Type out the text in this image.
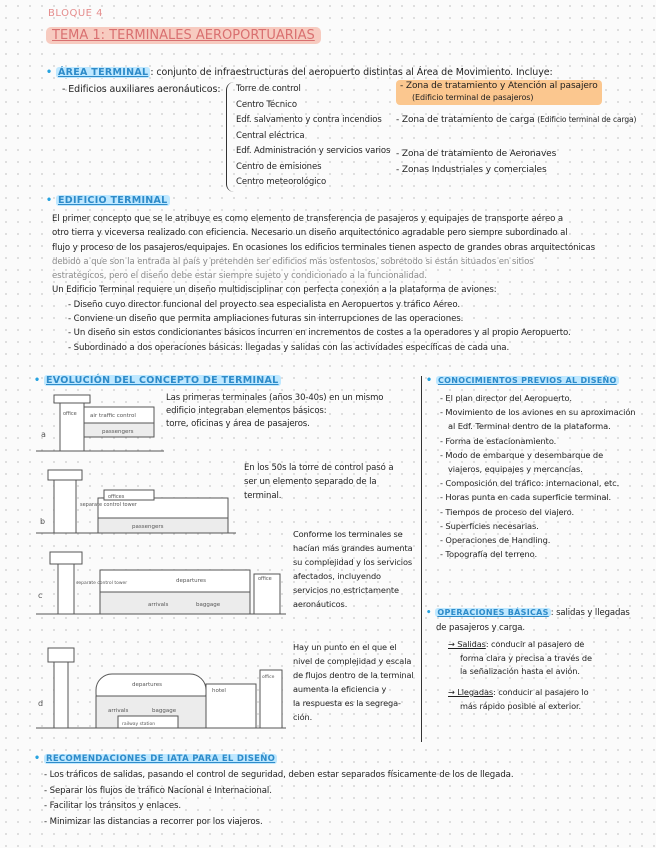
BLOQUE 4
TEMA 1: TERMINALES AEROPORTUARIAS
• ÁREA TERMINAL : conjunto de infraestructuras del aeropuerto distintas al Área de Movimiento. Incluye:
- Edificios auxiliares aeronáuticos: Torre de control
Centro Técnico
Edf. salvamento y contra incendios
Central eléctrica
Edf. Administración y servicios varios
Centro de emisiones
Centro meteorológico
- Zona de tratamiento y Atención al pasajero
(Edificio terminal de pasajeros)
- Zona de tratamiento de carga (Edificio terminal de carga)
- Zona de tratamiento de Aeronaves
- Zonas Industriales y comerciales
• EDIFICIO TERMINAL
El primer concepto que se le atribuye es como elemento de transferencia de pasajeros y equipajes de transporte aéreo a
otro tierra y viceversa realizado con eficiencia. Necesario un diseño arquitectónico agradable pero siempre subordinado al
flujo y proceso de los pasajeros/equipajes. En ocasiones los edificios terminales tienen aspecto de grandes obras arquitectónicas
debido a que son la entrada al país y pretenden ser edificios más ostentosos, sobretodo si están situados en sitios
estratégicos, pero el diseño debe estar siempre sujeto y condicionado a la funcionalidad.
Un Edificio Terminal requiere un diseño multidisciplinar con perfecta conexión a la plataforma de aviones:
- Diseño cuyo director funcional del proyecto sea especialista en Aeropuertos y tráfico Aéreo.
- Conviene un diseño que permita ampliaciones futuras sin interrupciones de las operaciones.
- Un diseño sin estos condicionantes básicos incurren en incrementos de costes a la operadores y al propio Aeropuerto.
- Subordinado a dos operaciones básicas: llegadas y salidas con las actividades específicas de cada una.
• EVOLUCIÓN DEL CONCEPTO DE TERMINAL
a
air traffic control
office
passengers
Las primeras terminales (años 30-40s) en un mismo
edificio integraban elementos básicos:
torre, oficinas y área de pasajeros.
b
separate control tower
offices
passengers
En los 50s la torre de control pasó a
ser un elemento separado de la
terminal.
c
separate control tower	departures
arrivals	baggage
office
Conforme los terminales se
hacían más grandes aumenta
su complejidad y los servicios
afectados, incluyendo
servicios no estrictamente
aeronáuticos.
d
hotel
departures
arrivals	baggage
office
railway station
Hay un punto en el que el
nivel de complejidad y escala
de flujos dentro de la terminal
aumenta la eficiencia y
la respuesta es la segrega-
ción.
• CONOCIMIENTOS PREVIOS AL DISEÑO
- El plan director del Aeropuerto.
- Movimiento de los aviones en su aproximación
al Edf. Terminal dentro de la plataforma.
- Forma de estacionamiento.
- Modo de embarque y desembarque de
viajeros, equipajes y mercancías.
- Composición del tráfico: internacional, etc.
- Horas punta en cada superficie terminal.
- Tiempos de proceso del viajero.
- Superficies necesarias.
- Operaciones de Handling.
- Topografía del terreno.
• OPERACIONES BÁSICAS : salidas y llegadas
de pasajeros y carga.
→ Salidas: conducir al pasajero de
forma clara y precisa a través de
la señalización hasta el avión.
→ Llegadas: conducir al pasajero lo
más rápido posible al exterior.
• RECOMENDACIONES DE IATA PARA EL DISEÑO
- Los tráficos de salidas, pasando el control de seguridad, deben estar separados físicamente de los de llegada.
- Separar los flujos de tráfico Nacional e Internacional.
- Facilitar los tránsitos y enlaces.
- Minimizar las distancias a recorrer por los viajeros.
